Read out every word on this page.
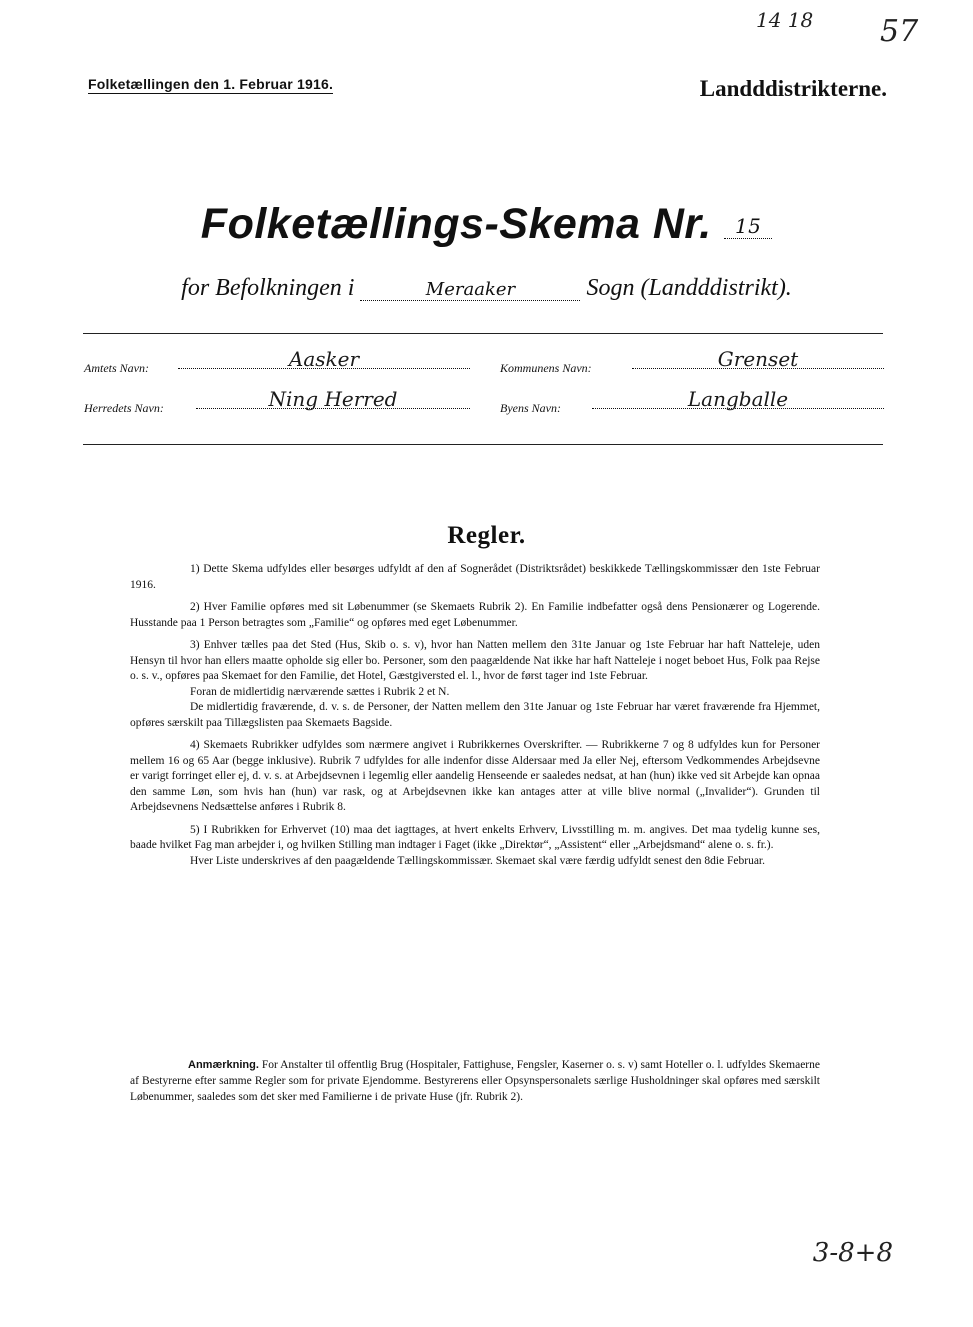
14 18 57
Folketællingen den 1. Februar 1916.	Landddistrikterne.
Folketællings-Skema Nr. 15
for Befolkningen i	Meraaker	Sogn (Landddistrikt).
Amtets Navn:	Aasker	Kommunens Navn:	Grenset
Herredets Navn:	Ning Herred	Byens Navn:	Langballe
Regler.

1) Dette Skema udfyldes eller besørges udfyldt af den af Sognerådet (Distriktsrådet) beskikkede Tællingskommissær den 1ste Februar 1916.

2) Hver Familie opføres med sit Løbenummer (se Skemaets Rubrik 2). En Familie indbefatter også dens Pensionærer og Logerende. Husstande paa 1 Person betragtes som „Familie“ og opføres med eget Løbenummer.

3) Enhver tælles paa det Sted (Hus, Skib o. s. v), hvor han Natten mellem den 31te Januar og 1ste Februar har haft Natteleje, uden Hensyn til hvor han ellers maatte opholde sig eller bo. Personer, som den paagældende Nat ikke har haft Natteleje i noget beboet Hus, Folk paa Rejse o. s. v., opføres paa Skemaet for den Familie, det Hotel, Gæstgiversted el. l., hvor de først tager ind 1ste Februar.

Foran de midlertidig nærværende sættes i Rubrik 2 et N.

De midlertidig fraværende, d. v. s. de Personer, der Natten mellem den 31te Januar og 1ste Februar har været fraværende fra Hjemmet, opføres særskilt paa Tillægslisten paa Skemaets Bagside.

4) Skemaets Rubrikker udfyldes som nærmere angivet i Rubrikkernes Overskrifter. — Rubrikkerne 7 og 8 udfyldes kun for Personer mellem 16 og 65 Aar (begge inklusive). Rubrik 7 udfyldes for alle indenfor disse Aldersaar med Ja eller Nej, eftersom Vedkommendes Arbejdsevne er varigt forringet eller ej, d. v. s. at Arbejdsevnen i legemlig eller aandelig Henseende er saaledes nedsat, at han (hun) ikke ved sit Arbejde kan opnaa den samme Løn, som hvis han (hun) var rask, og at Arbejdsevnen ikke kan antages atter at ville blive normal („Invalider“). Grunden til Arbejdsevnens Nedsættelse anføres i Rubrik 8.

5) I Rubrikken for Erhvervet (10) maa det iagttages, at hvert enkelts Erhverv, Livsstilling m. m. angives. Det maa tydelig kunne ses, baade hvilket Fag man arbejder i, og hvilken Stilling man indtager i Faget (ikke „Direktør“, „Assistent“ eller „Arbejdsmand“ alene o. s. fr.).

Hver Liste underskrives af den paagældende Tællingskommissær. Skemaet skal være færdig udfyldt senest den 8die Februar.

Anmærkning. For Anstalter til offentlig Brug (Hospitaler, Fattighuse, Fengsler, Kaserner o. s. v) samt Hoteller o. l. udfyldes Skemaerne af Bestyrerne efter samme Regler som for private Ejendomme. Bestyrerens eller Opsynspersonalets særlige Husholdninger skal opføres med særskilt Løbenummer, saaledes som det sker med Familierne i de private Huse (jfr. Rubrik 2).
3-8+8
